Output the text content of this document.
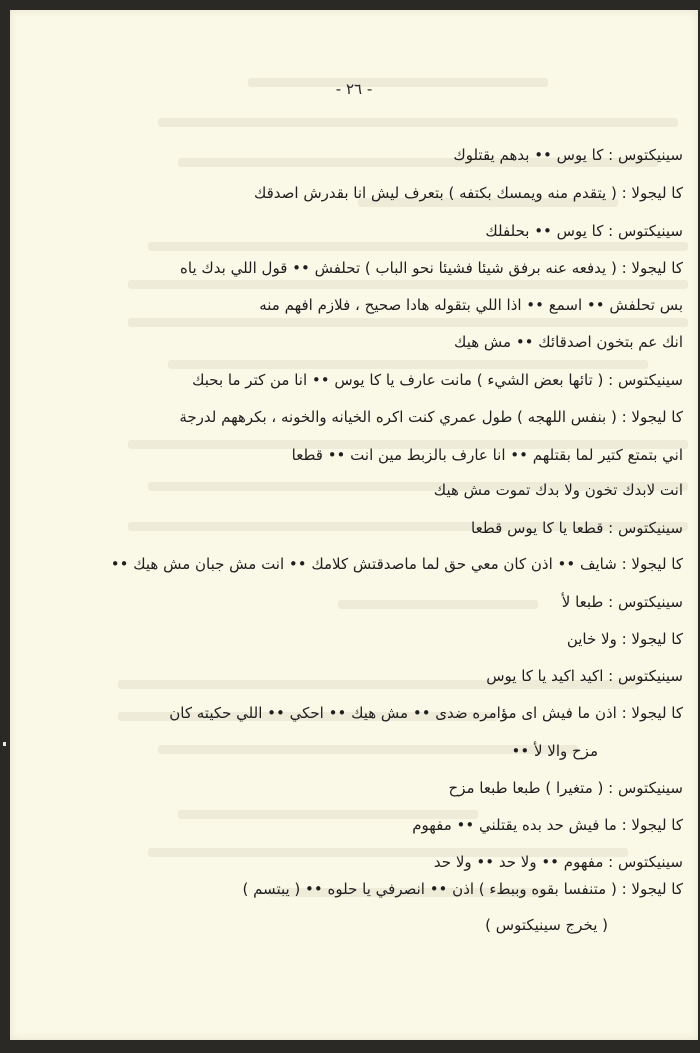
- ٢٦ -
سينيكتوس : كا يوس •• بدهم يقتلوك
كا ليجولا : ( يتقدم منه ويمسك بكتفه ) بتعرف ليش انا بقدرش اصدقك
سينيكتوس : كا يوس •• بحلفلك
كا ليجولا : ( يدفعه عنه برفق شيئا فشيئا نحو الباب ) تحلفش •• قول اللي بدك ياه
بس تحلفش •• اسمع •• اذا اللي بتقوله هادا صحيح ، فلازم افهم منه
انك عم بتخون اصدقائك •• مش هيك
سينيكتوس : ( تائها بعض الشيء ) مانت عارف يا كا يوس •• انا من كتر ما بحبك
كا ليجولا : ( بنفس اللهجه ) طول عمري كنت اكره الخيانه والخونه ، بكرههم لدرجة
اني بتمتع كتير لما بقتلهم •• انا عارف بالزبط مين انت •• قطعا
انت لابدك تخون ولا بدك تموت مش هيك
سينيكتوس : قطعا يا كا يوس قطعا
كا ليجولا : شايف •• اذن كان معي حق لما ماصدقتش كلامك •• انت مش جبان مش هيك ••
سينيكتوس : طبعا لأ
كا ليجولا : ولا خاين
سينيكتوس : اكيد اكيد يا كا يوس
كا ليجولا : اذن ما فيش اى مؤامره ضدى •• مش هيك •• احكي •• اللي حكيته كان
مزح والا لأ ••
سينيكتوس : ( متغيرا ) طبعا طبعا مزح
كا ليجولا : ما فيش حد بده يقتلني •• مفهوم
سينيكتوس : مفهوم •• ولا حد •• ولا حد
كا ليجولا : ( متنفسا بقوه وببطء ) اذن •• انصرفي يا حلوه •• ( يبتسم )
( يخرج سينيكتوس )
